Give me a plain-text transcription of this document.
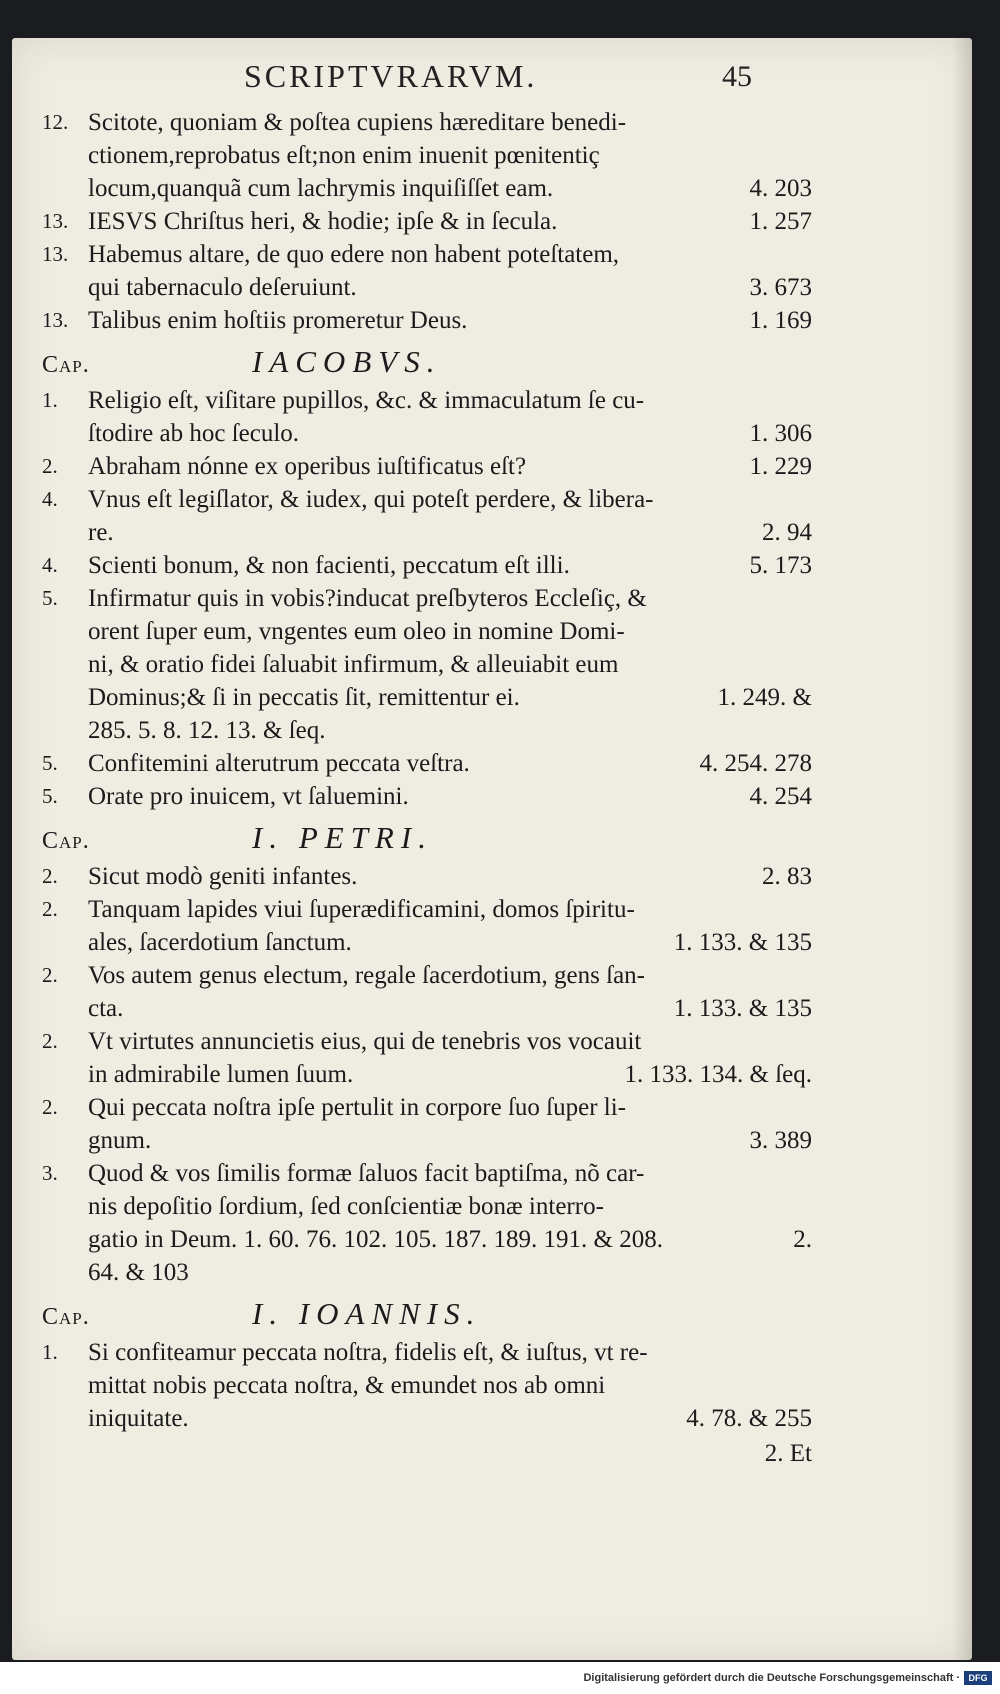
SCRIPTVRARVM.	45
12. Scitote, quoniam & poſtea cupiens hæreditare benedi-
ctionem,reprobatus eſt;non enim inuenit pœnitentiç
locum,quanquã cum lachrymis inquiſiſſet eam.	4. 203
13. IESVS Chriſtus heri, & hodie; ipſe & in ſecula.	1. 257
13. Habemus altare, de quo edere non habent poteſtatem,
qui tabernaculo deſeruiunt.	3. 673
13. Talibus enim hoſtiis promeretur Deus.	1. 169
Cap.	IACOBVS.
1.	Religio eſt, viſitare pupillos, &c. & immaculatum ſe cu-
ſtodire ab hoc ſeculo.	1. 306
2.	Abraham nónne ex operibus iuſtificatus eſt?	1. 229
4.	Vnus eſt legiſlator, & iudex, qui poteſt perdere, & libera-
re.	2. 94
4.	Scienti bonum, & non facienti, peccatum eſt illi.	5. 173
5.	Infirmatur quis in vobis?inducat preſbyteros Eccleſiç, &
orent ſuper eum, vngentes eum oleo in nomine Domi-
ni, & oratio fidei ſaluabit infirmum, & alleuiabit eum
Dominus;& ſi in peccatis ſit, remittentur ei.	1. 249. &
285. 5. 8. 12. 13. & ſeq.
5.	Confitemini alterutrum peccata veſtra.	4. 254. 278
5.	Orate pro inuicem, vt ſaluemini.	4. 254
Cap.	I. PETRI.
2.	Sicut modò geniti infantes.	2. 83
2.	Tanquam lapides viui ſuperædificamini, domos ſpiritu-
ales, ſacerdotium ſanctum.	1. 133. & 135
2.	Vos autem genus electum, regale ſacerdotium, gens ſan-
cta.	1. 133. & 135
2.	Vt virtutes annuncietis eius, qui de tenebris vos vocauit
in admirabile lumen ſuum.	1. 133. 134. & ſeq.
2.	Qui peccata noſtra ipſe pertulit in corpore ſuo ſuper li-
gnum.	3. 389
3.	Quod & vos ſimilis formæ ſaluos facit baptiſma, nõ car-
nis depoſitio ſordium, ſed conſcientiæ bonæ interro-
gatio in Deum. 1. 60. 76. 102. 105. 187. 189. 191. & 208.	2.
64. & 103
Cap.	I. IOANNIS.
1.	Si confiteamur peccata noſtra, fidelis eſt, & iuſtus, vt re-
mittat nobis peccata noſtra, & emundet nos ab omni
iniquitate.	4. 78. & 255
2. Et
Digitalisierung gefördert durch die Deutsche Forschungsgemeinschaft · DFG
